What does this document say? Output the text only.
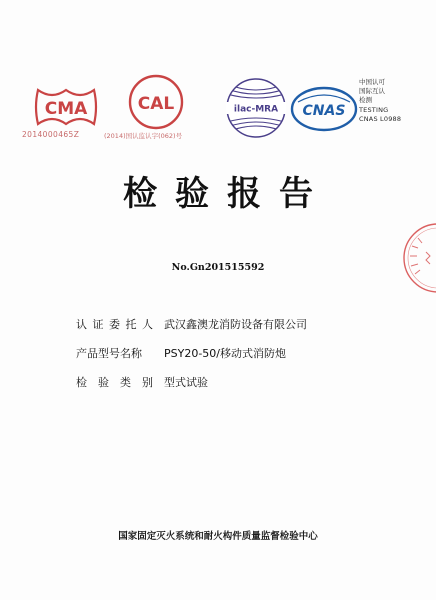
CMA
2014000465Z
CAL
(2014)国认监认字(062)号
ilac-MRA CNAS
中国认可
国际互认
检测
TESTING
CNAS L0988
检验报告
No.Gn201515592
认证委托人 武汉鑫澳龙消防设备有限公司
产品型号名称 PSY20-50/移动式消防炮
检验类别型式试验
国家固定灭火系统和耐火构件质量监督检验中心
